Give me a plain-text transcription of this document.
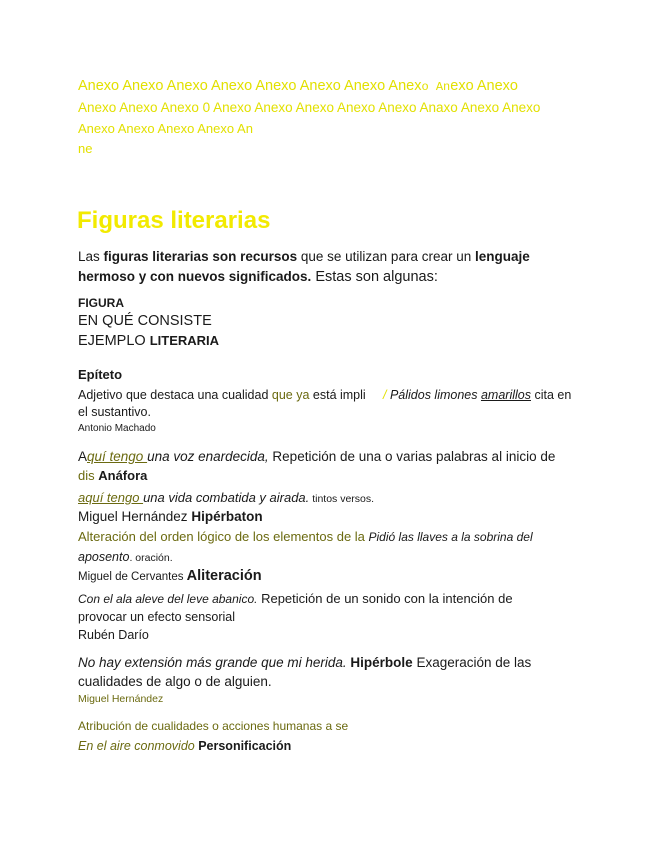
Anexo Anexo Anexo Anexo Anexo Anexo Anexo Anexo Anexo Anexo
Anexo Anexo Anexo 0 Anexo Anexo Anexo Anexo Anexo Anaxo Anexo Anexo
Anexo Anexo Anexo Anexo An
ne
Figuras literarias
Las figuras literarias son recursos que se utilizan para crear un lenguaje
hermoso y con nuevos significados. Estas son algunas:
FIGURA
EN QUÉ CONSISTE
EJEMPLO LITERARIA
Epíteto
Adjetivo que destaca una cualidad que ya está impli / Pálidos limones amarillos cita en
el sustantivo.
Antonio Machado
Aquí tengo una voz enardecida, Repetición de una o varias palabras al inicio de
dis Anáfora
aquí tengo una vida combatida y airada. tintos versos.
Miguel Hernández Hipérbaton
Alteración del orden lógico de los elementos de la Pidió las llaves a la sobrina del
aposento. oración.
Miguel de Cervantes Aliteración
Con el ala aleve del leve abanico. Repetición de un sonido con la intención de
provocar un efecto sensorial
Rubén Darío
No hay extensión más grande que mi herida. Hipérbole Exageración de las
cualidades de algo o de alguien.
Miguel Hernández
Atribución de cualidades o acciones humanas a se
En el aire conmovido Personificación
